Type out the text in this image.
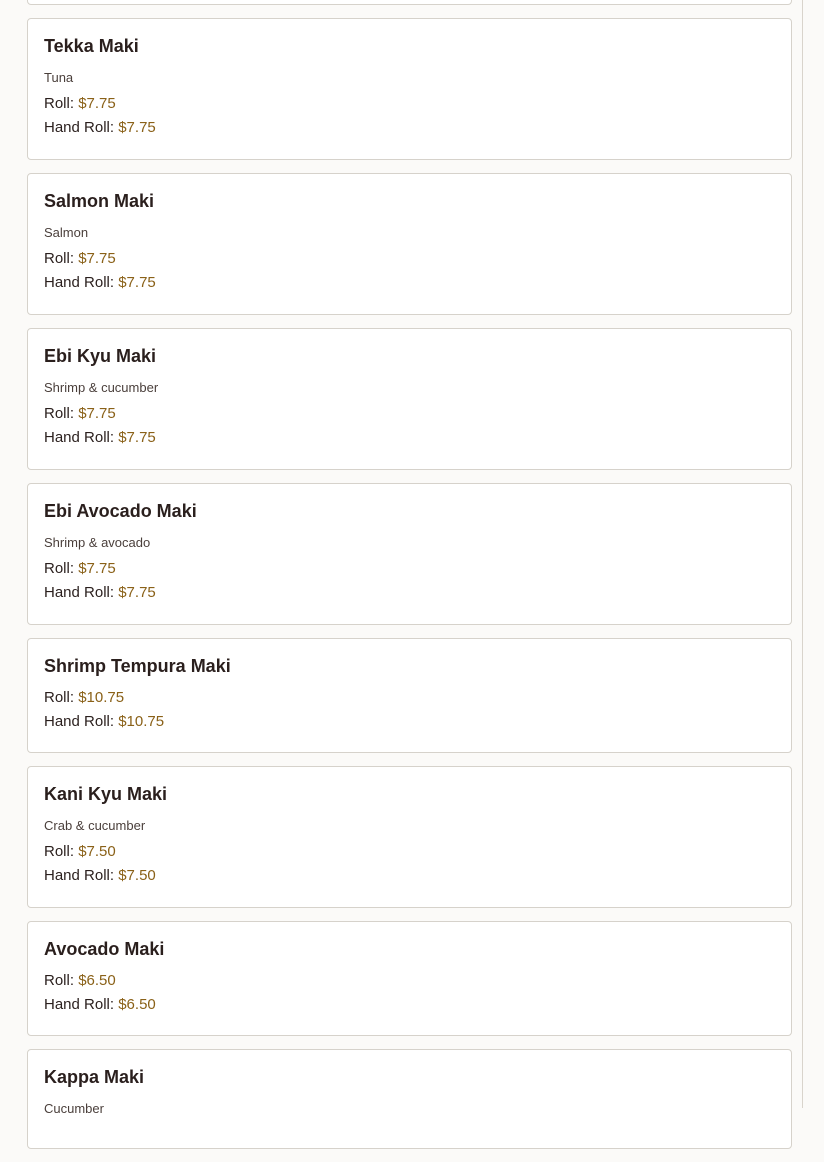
Tekka Maki
Tuna
Roll: $7.75
Hand Roll: $7.75
Salmon Maki
Salmon
Roll: $7.75
Hand Roll: $7.75
Ebi Kyu Maki
Shrimp & cucumber
Roll: $7.75
Hand Roll: $7.75
Ebi Avocado Maki
Shrimp & avocado
Roll: $7.75
Hand Roll: $7.75
Shrimp Tempura Maki
Roll: $10.75
Hand Roll: $10.75
Kani Kyu Maki
Crab & cucumber
Roll: $7.50
Hand Roll: $7.50
Avocado Maki
Roll: $6.50
Hand Roll: $6.50
Kappa Maki
Cucumber
